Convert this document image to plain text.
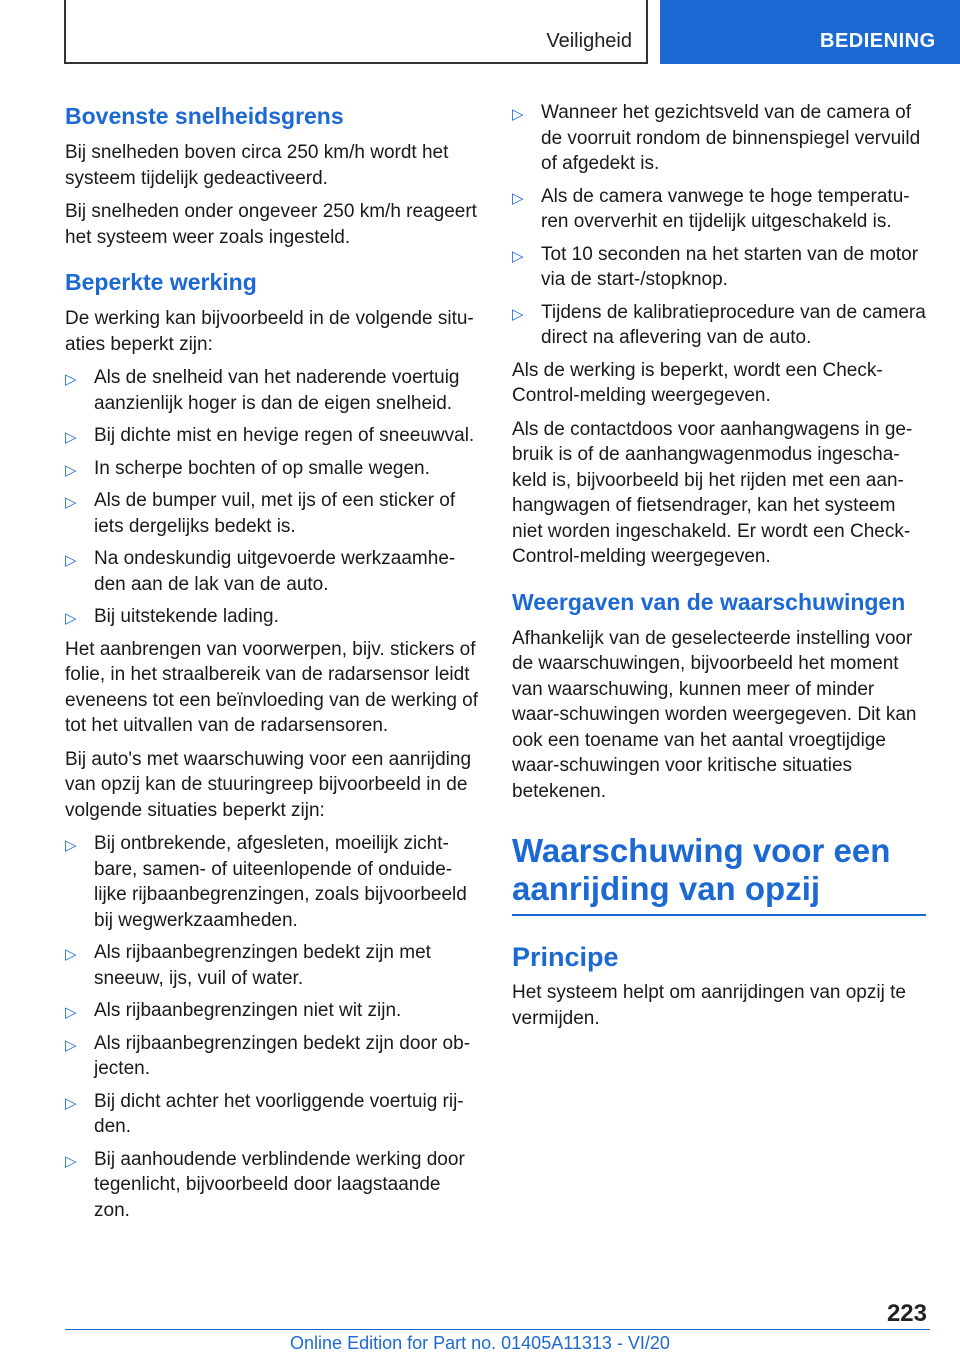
Veiligheid	BEDIENING
Bovenste snelheidsgrens

Bij snelheden boven circa 250 km/h wordt het systeem tijdelijk gedeactiveerd.

Bij snelheden onder ongeveer 250 km/h reageert het systeem weer zoals ingesteld.

Beperkte werking

De werking kan bijvoorbeeld in de volgende situ‐aties beperkt zijn:

▷ Als de snelheid van het naderende voertuig aanzienlijk hoger is dan de eigen snelheid.
▷ Bij dichte mist en hevige regen of sneeuwval.
▷ In scherpe bochten of op smalle wegen.
▷ Als de bumper vuil, met ijs of een sticker of iets dergelijks bedekt is.
▷ Na ondeskundig uitgevoerde werkzaamhe‐den aan de lak van de auto.
▷ Bij uitstekende lading.

Het aanbrengen van voorwerpen, bijv. stickers of folie, in het straalbereik van de radarsensor leidt eveneens tot een beïnvloeding van de werking of tot het uitvallen van de radarsensoren.

Bij auto's met waarschuwing voor een aanrijding van opzij kan de stuuringreep bijvoorbeeld in de volgende situaties beperkt zijn:

▷ Bij ontbrekende, afgesleten, moeilijk zicht‐bare, samen- of uiteenlopende of onduide‐lijke rijbaanbegrenzingen, zoals bijvoorbeeld bij wegwerkzaamheden.
▷ Als rijbaanbegrenzingen bedekt zijn met sneeuw, ijs, vuil of water.
▷ Als rijbaanbegrenzingen niet wit zijn.
▷ Als rijbaanbegrenzingen bedekt zijn door ob‐jecten.
▷ Bij dicht achter het voorliggende voertuig rij‐den.
▷ Bij aanhoudende verblindende werking door tegenlicht, bijvoorbeeld door laagstaande zon.
▷ Wanneer het gezichtsveld van de camera of de voorruit rondom de binnenspiegel vervuild of afgedekt is.
▷ Als de camera vanwege te hoge temperatu‐ren oververhit en tijdelijk uitgeschakeld is.
▷ Tot 10 seconden na het starten van de motor via de start-/stopknop.
▷ Tijdens de kalibratieprocedure van de camera direct na aflevering van de auto.

Als de werking is beperkt, wordt een Check-Control-melding weergegeven.

Als de contactdoos voor aanhangwagens in ge‐bruik is of de aanhangwagenmodus ingescha‐keld is, bijvoorbeeld bij het rijden met een aan‐hangwagen of fietsendrager, kan het systeem niet worden ingeschakeld. Er wordt een Check-Control-melding weergegeven.

Weergaven van de waarschuwingen

Afhankelijk van de geselecteerde instelling voor de waarschuwingen, bijvoorbeeld het moment van waarschuwing, kunnen meer of minder waar‐schuwingen worden weergegeven. Dit kan ook een toename van het aantal vroegtijdige waar‐schuwingen voor kritische situaties betekenen.

Waarschuwing voor een aanrijding van opzij
Principe

Het systeem helpt om aanrijdingen van opzij te vermijden.

223
Online Edition for Part no. 01405A11313 - VI/20
